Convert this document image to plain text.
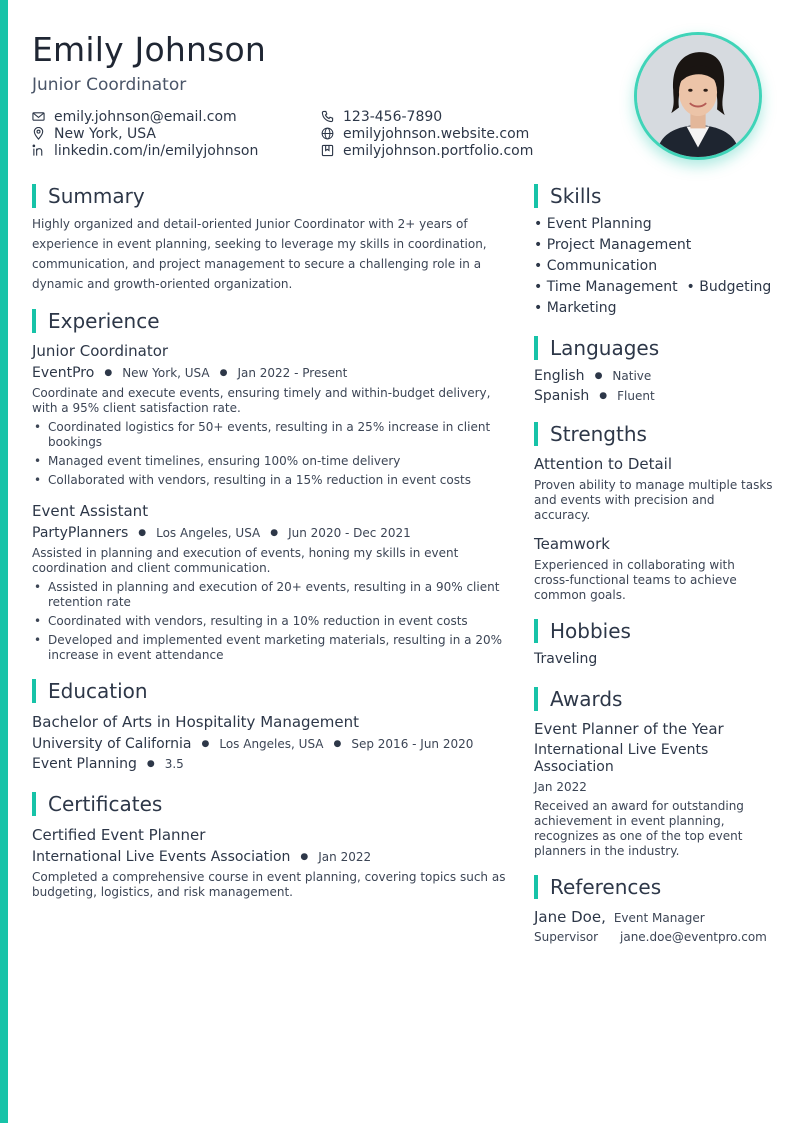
Emily Johnson
Junior Coordinator
emily.johnson@email.com
New York, USA
linkedin.com/in/emilyjohnson
123-456-7890
emilyjohnson.website.com
emilyjohnson.portfolio.com
Summary

Highly organized and detail-oriented Junior Coordinator with 2+ years of experience in event planning, seeking to leverage my skills in coordination, communication, and project management to secure a challenging role in a dynamic and growth-oriented organization.

Experience
Junior Coordinator
EventPro ● New York, USA ● Jan 2022 - Present

Coordinate and execute events, ensuring timely and within-budget delivery, with a 95% client satisfaction rate.

• Coordinated logistics for 50+ events, resulting in a 25% increase in client bookings
• Managed event timelines, ensuring 100% on-time delivery
• Collaborated with vendors, resulting in a 15% reduction in event costs
Event Assistant
PartyPlanners ● Los Angeles, USA ● Jun 2020 - Dec 2021

Assisted in planning and execution of events, honing my skills in event coordination and client communication.

• Assisted in planning and execution of 20+ events, resulting in a 90% client retention rate
• Coordinated with vendors, resulting in a 10% reduction in event costs
• Developed and implemented event marketing materials, resulting in a 20% increase in event attendance
Education
Bachelor of Arts in Hospitality Management
University of California ● Los Angeles, USA ● Sep 2016 - Jun 2020
Event Planning ● 3.5
Certificates
Certified Event Planner
International Live Events Association ● Jan 2022

Completed a comprehensive course in event planning, covering topics such as budgeting, logistics, and risk management.

Skills
• Event Planning
• Project Management
• Communication
• Time Management  • Budgeting
• Marketing
Languages
English ● Native
Spanish ● Fluent
Strengths
Attention to Detail

Proven ability to manage multiple tasks and events with precision and accuracy.

Teamwork

Experienced in collaborating with cross-functional teams to achieve common goals.

Hobbies
Traveling
Awards
Event Planner of the Year
International Live Events Association
Jan 2022

Received an award for outstanding achievement in event planning, recognizes as one of the top event planners in the industry.

References
Jane Doe, Event Manager
Supervisor	jane.doe@eventpro.com
